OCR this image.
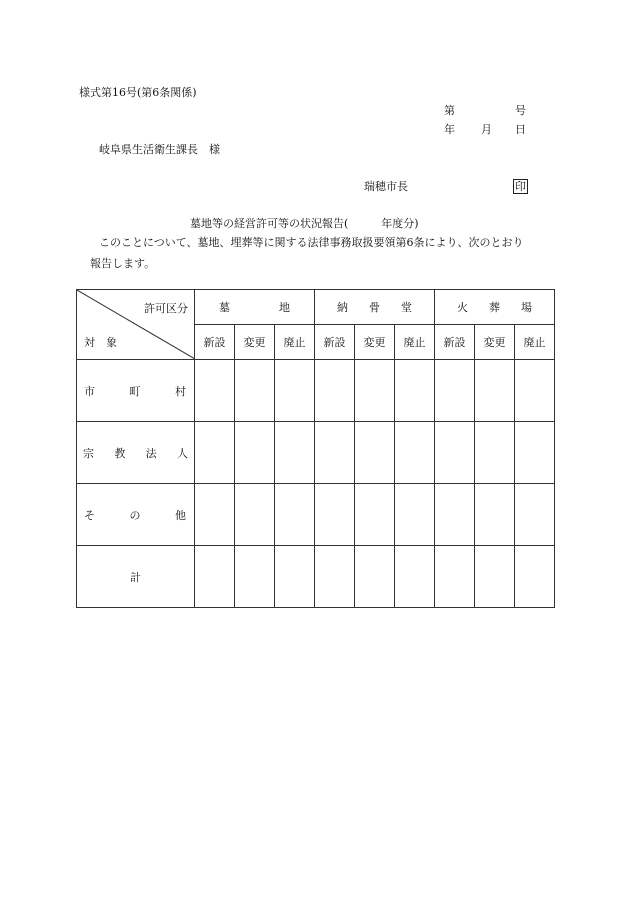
様式第16号(第6条関係)
第	号
年 月 日
岐阜県生活衛生課長　様
瑞穂市長	印
墓地等の経営許可等の状況報告(　　　年度分)
このことについて、墓地、埋葬等に関する法律事務取扱要領第6条により、次のとおり
報告します。
許可区分
対　象	墓 地			納 骨 堂			火 葬 場		

	新設	変更	廃止	新設	変更	廃止	新設	変更	廃止

市 町 村									

宗 教 法 人									

そ の 他									

計									
